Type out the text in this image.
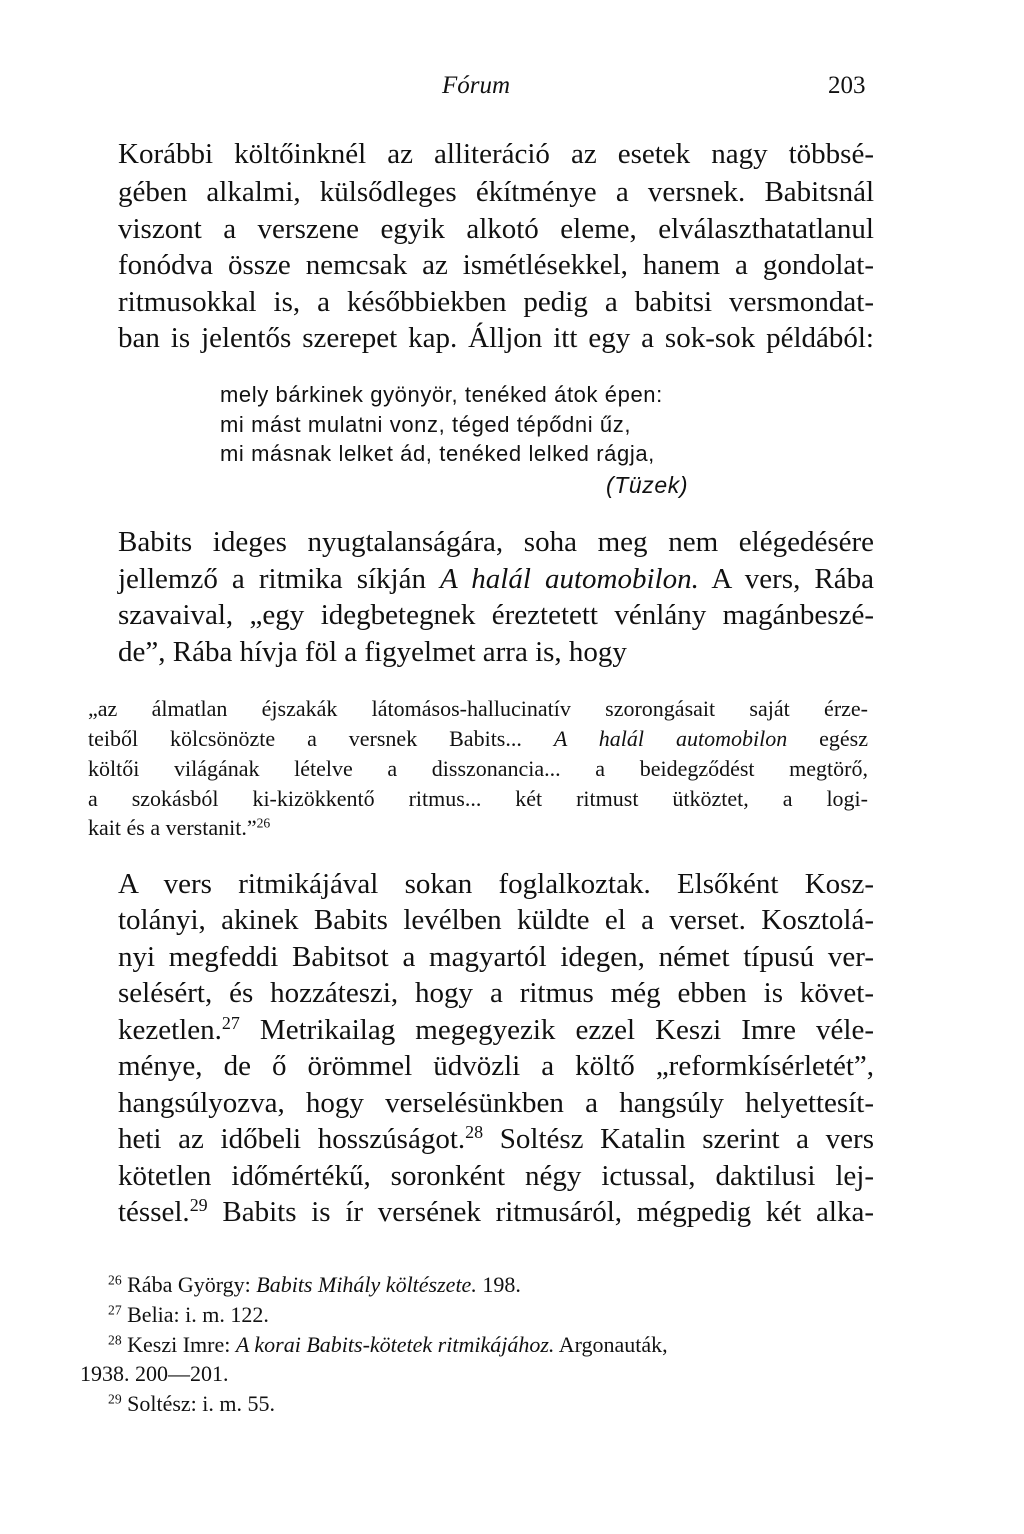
Fórum	203
Korábbi költőinknél az alliteráció az esetek nagy többsé-
gében alkalmi, külsődleges ékítménye a versnek. Babitsnál
viszont a verszene egyik alkotó eleme, elválaszthatatlanul
fonódva össze nemcsak az ismétlésekkel, hanem a gondolat-
ritmusokkal is, a későbbiekben pedig a babitsi versmondat-
ban is jelentős szerepet kap. Álljon itt egy a sok-sok példából:
mely bárkinek gyönyör, tenéked átok épen:
mi mást mulatni vonz, téged tépődni űz,
mi másnak lelket ád, tenéked lelked rágja,
(Tüzek)
Babits ideges nyugtalanságára, soha meg nem elégedésére
jellemző a ritmika síkján A halál automobilon. A vers, Rába
szavaival, „egy idegbetegnek éreztetett vénlány magánbeszé-
de”, Rába hívja föl a figyelmet arra is, hogy
„az álmatlan éjszakák látomásos-hallucinatív szorongásait saját érze-
teiből kölcsönözte a versnek Babits... A halál automobilon egész
költői világának lételve a disszonancia... a beidegződést megtörő,
a szokásból ki-kizökkentő ritmus... két ritmust ütköztet, a logi-
kait és a verstanit.”$^{26}$
A vers ritmikájával sokan foglalkoztak. Elsőként Kosz-
tolányi, akinek Babits levélben küldte el a verset. Kosztolá-
nyi megfeddi Babitsot a magyartól idegen, német típusú ver-
selésért, és hozzáteszi, hogy a ritmus még ebben is követ-
kezetlen.$^{27}$ Metrikailag megegyezik ezzel Keszi Imre véle-
ménye, de ő örömmel üdvözli a költő „reformkísérletét”,
hangsúlyozva, hogy verselésünkben a hangsúly helyettesít-
heti az időbeli hosszúságot.$^{28}$ Soltész Katalin szerint a vers
kötetlen időmértékű, soronként négy ictussal, daktilusi lej-
téssel.$^{29}$ Babits is ír versének ritmusáról, mégpedig két alka-
$^{26}$ Rába György: Babits Mihály költészete. 198.
$^{27}$ Belia: i. m. 122.
$^{28}$ Keszi Imre: A korai Babits-kötetek ritmikájához. Argonauták,
1938. 200—201.
$^{29}$ Soltész: i. m. 55.
